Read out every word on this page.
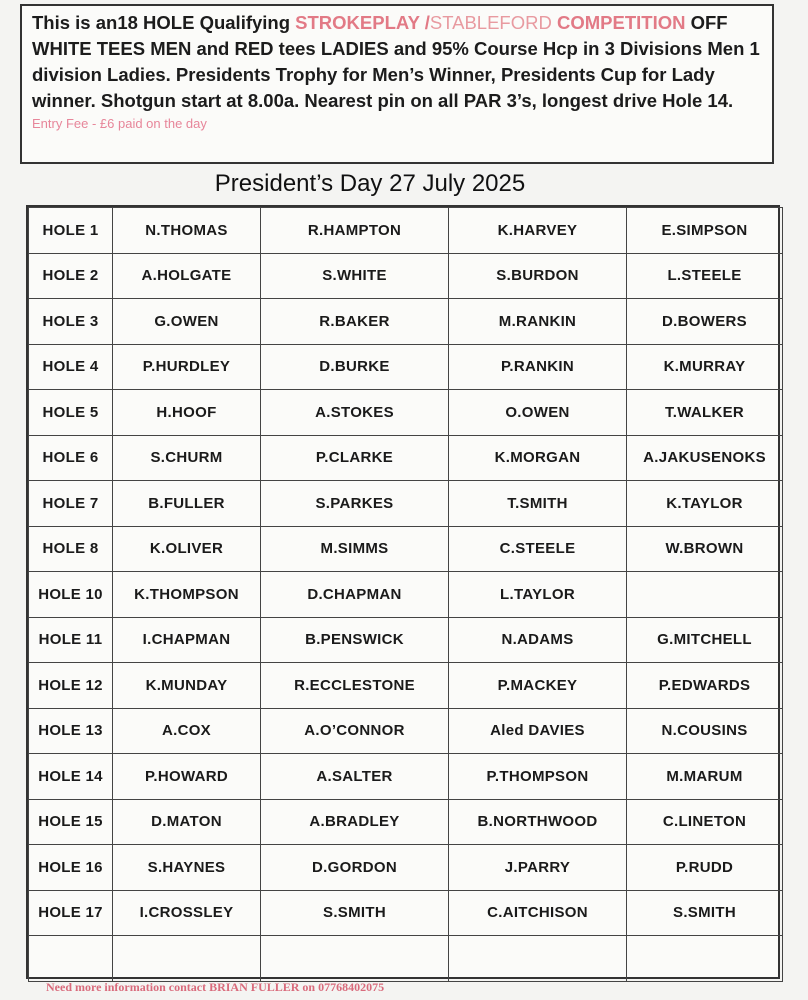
This is an18 HOLE Qualifying STROKEPLAY /STABLEFORD COMPETITION OFF WHITE TEES MEN and RED tees LADIES and 95% Course Hcp in 3 Divisions Men 1 division Ladies. Presidents Trophy for Men’s Winner, Presidents Cup for Lady winner. Shotgun start at 8.00a. Nearest pin on all PAR 3’s, longest drive Hole 14.

Entry Fee - £6 paid on the day
President’s Day 27 July 2025
HOLE 1	N.THOMAS	R.HAMPTON	K.HARVEY	E.SIMPSON
HOLE 2	A.HOLGATE	S.WHITE	S.BURDON	L.STEELE
HOLE 3	G.OWEN	R.BAKER	M.RANKIN	D.BOWERS
HOLE 4	P.HURDLEY	D.BURKE	P.RANKIN	K.MURRAY
HOLE 5	H.HOOF	A.STOKES	O.OWEN	T.WALKER
HOLE 6	S.CHURM	P.CLARKE	K.MORGAN	A.JAKUSENOKS
HOLE 7	B.FULLER	S.PARKES	T.SMITH	K.TAYLOR
HOLE 8	K.OLIVER	M.SIMMS	C.STEELE	W.BROWN
HOLE 10	K.THOMPSON	D.CHAPMAN	L.TAYLOR	
HOLE 11	I.CHAPMAN	B.PENSWICK	N.ADAMS	G.MITCHELL
HOLE 12	K.MUNDAY	R.ECCLESTONE	P.MACKEY	P.EDWARDS
HOLE 13	A.COX	A.O’CONNOR	Aled DAVIES	N.COUSINS
HOLE 14	P.HOWARD	A.SALTER	P.THOMPSON	M.MARUM
HOLE 15	D.MATON	A.BRADLEY	B.NORTHWOOD	C.LINETON
HOLE 16	S.HAYNES	D.GORDON	J.PARRY	P.RUDD
HOLE 17	I.CROSSLEY	S.SMITH	C.AITCHISON	S.SMITH

Need more information contact BRIAN FULLER on 07768402075
